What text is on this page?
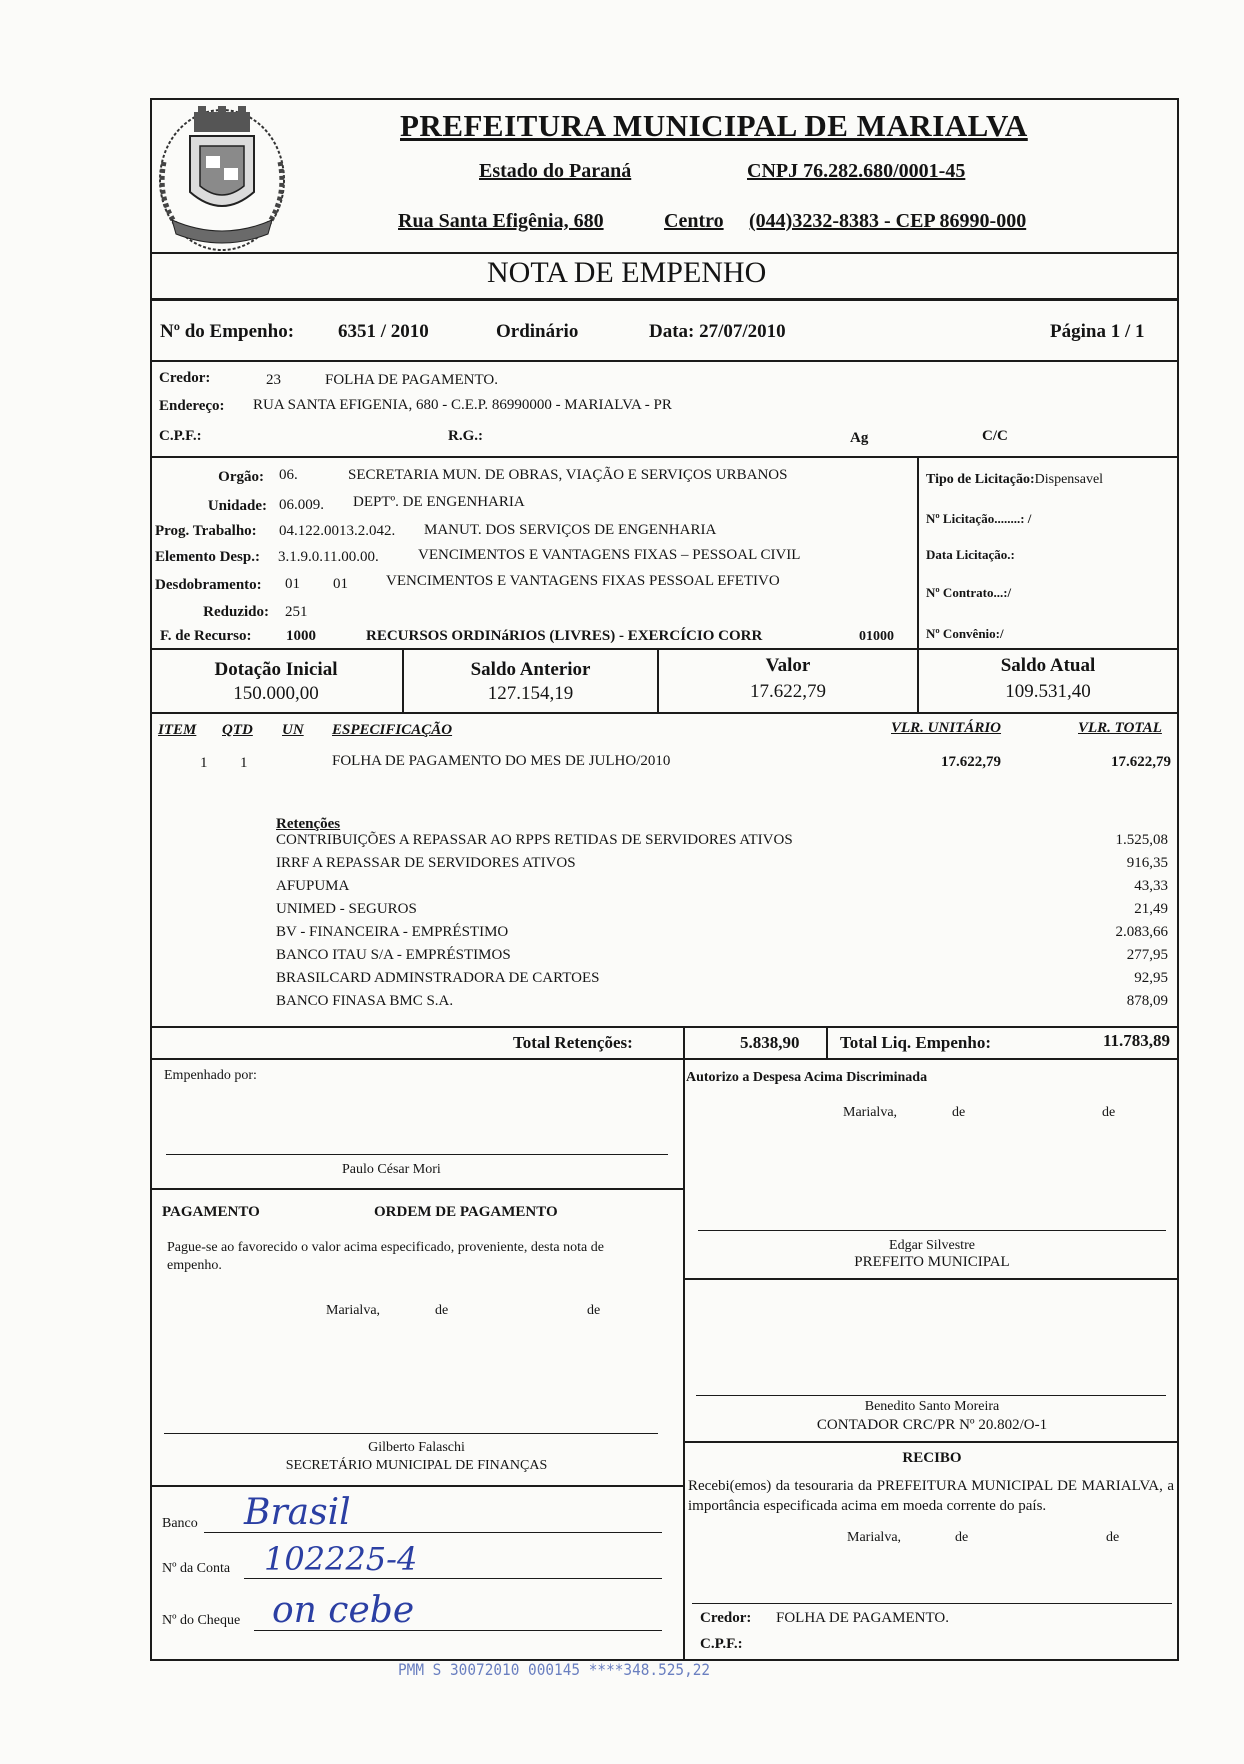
PREFEITURA MUNICIPAL DE MARIALVA
Estado do Paraná	CNPJ 76.282.680/0001-45
Rua Santa Efigênia, 680	Centro (044)3232-8383 - CEP 86990-000
NOTA DE EMPENHO
Nº do Empenho: 6351 / 2010	Ordinário	Data: 27/07/2010	Página 1 / 1
Credor:	23	FOLHA DE PAGAMENTO.
Endereço: RUA SANTA EFIGENIA, 680 - C.E.P. 86990000 - MARIALVA - PR
C.P.F.:	R.G.:	Ag	C/C
Orgão: 06.	SECRETARIA MUN. DE OBRAS, VIAÇÃO E SERVIÇOS URBANOS
Unidade: 06.009. DEPTº. DE ENGENHARIA
Prog. Trabalho: 04.122.0013.2.042. MANUT. DOS SERVIÇOS DE ENGENHARIA
Elemento Desp.: 3.1.9.0.11.00.00.	VENCIMENTOS E VANTAGENS FIXAS – PESSOAL CIVIL
Desdobramento: 01 01	VENCIMENTOS E VANTAGENS FIXAS PESSOAL EFETIVO
Reduzido: 251
F. de Recurso: 1000	RECURSOS ORDINáRIOS (LIVRES) - EXERCÍCIO CORR	01000
Tipo de Licitação:Dispensavel
Nº Licitação........: /
Data Licitação.:
Nº Contrato...:/
Nº Convênio:/
Dotação Inicial
150.000,00
Saldo Anterior
127.154,19
Valor
17.622,79
Saldo Atual
109.531,40
ITEM QTD UN ESPECIFICAÇÃO	VLR. UNITÁRIO	VLR. TOTAL
1 1	FOLHA DE PAGAMENTO DO MES DE JULHO/2010	17.622,79	17.622,79
Retenções
CONTRIBUIÇÕES A REPASSAR AO RPPS RETIDAS DE SERVIDORES ATIVOS	1.525,08
IRRF A REPASSAR DE SERVIDORES ATIVOS	916,35
AFUPUMA	43,33
UNIMED - SEGUROS	21,49
BV - FINANCEIRA - EMPRÉSTIMO	2.083,66
BANCO ITAU S/A - EMPRÉSTIMOS	277,95
BRASILCARD ADMINSTRADORA DE CARTOES	92,95
BANCO FINASA BMC S.A.	878,09
Total Retenções:	5.838,90 Total Liq. Empenho:	11.783,89
Empenhado por:
Paulo César Mori
PAGAMENTO	ORDEM DE PAGAMENTO
Pague-se ao favorecido o valor acima especificado, proveniente, desta nota de empenho.
Marialva,	de	de
Gilberto Falaschi
SECRETÁRIO MUNICIPAL DE FINANÇAS
Banco Brasil
Nº da Conta 102225-4
Nº do Cheque on cebe
Autorizo a Despesa Acima Discriminada
Marialva,	de	de
Edgar Silvestre
PREFEITO MUNICIPAL
Benedito Santo Moreira
CONTADOR CRC/PR Nº 20.802/O-1
RECIBO
Recebi(emos) da tesouraria da PREFEITURA MUNICIPAL DE MARIALVA, a importância especificada acima em moeda corrente do país.
Marialva,	de	de
Credor: FOLHA DE PAGAMENTO.
C.P.F.:
PMM S 30072010 000145 ****348.525,22
